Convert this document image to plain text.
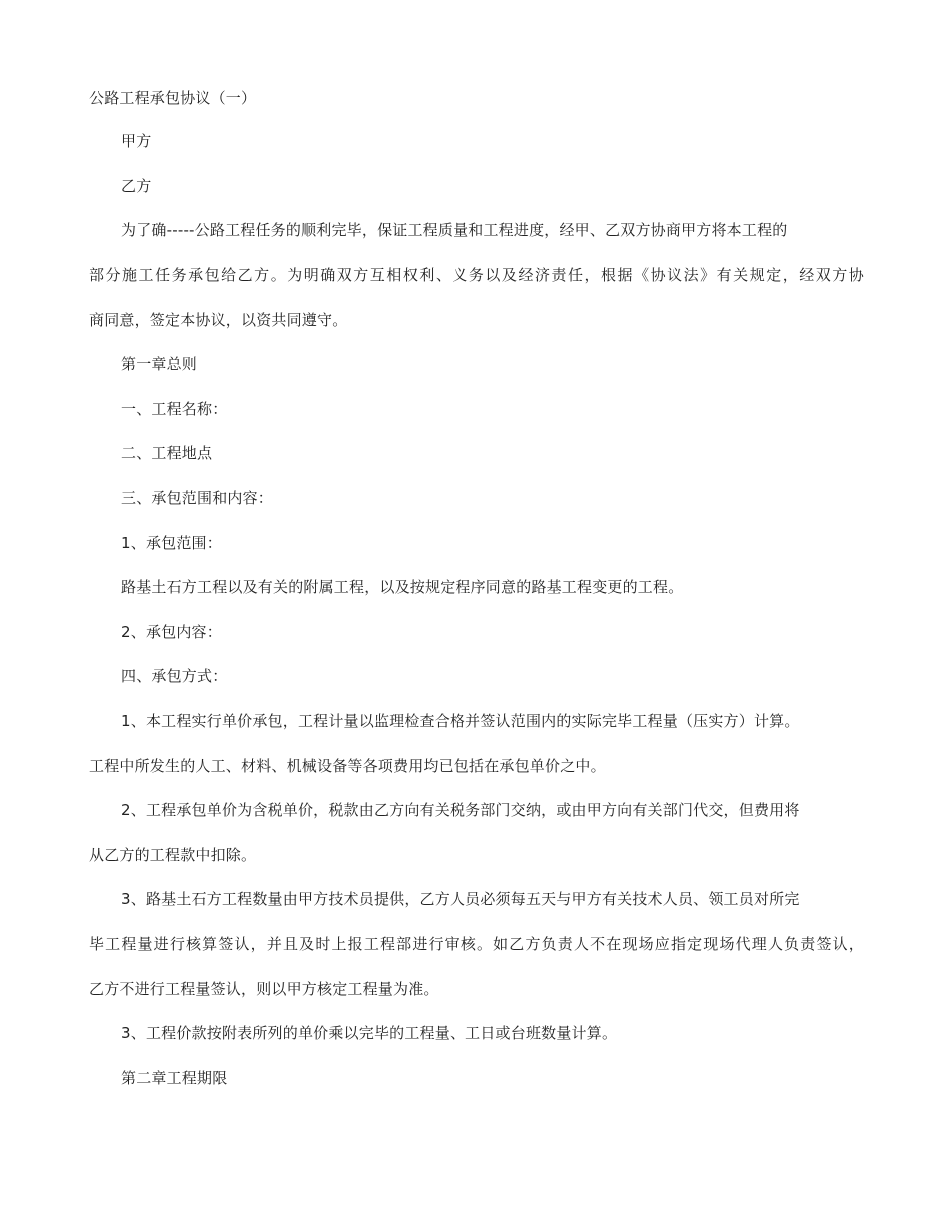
公路工程承包协议（一）
甲方
乙方
为了确-----公路工程任务的顺利完毕，保证工程质量和工程进度，经甲、乙双方协商甲方将本工程的
部分施工任务承包给乙方。为明确双方互相权利、义务以及经济责任，根据《协议法》有关规定，经双方协
商同意，签定本协议，以资共同遵守。
第一章总则
一、工程名称：
二、工程地点
三、承包范围和内容：
1、承包范围：
路基土石方工程以及有关的附属工程，以及按规定程序同意的路基工程变更的工程。
2、承包内容：
四、承包方式：
1、本工程实行单价承包，工程计量以监理检查合格并签认范围内的实际完毕工程量（压实方）计算。
工程中所发生的人工、材料、机械设备等各项费用均已包括在承包单价之中。
2、工程承包单价为含税单价，税款由乙方向有关税务部门交纳，或由甲方向有关部门代交，但费用将
从乙方的工程款中扣除。
3、路基土石方工程数量由甲方技术员提供，乙方人员必须每五天与甲方有关技术人员、领工员对所完
毕工程量进行核算签认，并且及时上报工程部进行审核。如乙方负责人不在现场应指定现场代理人负责签认，
乙方不进行工程量签认，则以甲方核定工程量为准。
3、工程价款按附表所列的单价乘以完毕的工程量、工日或台班数量计算。
第二章工程期限
